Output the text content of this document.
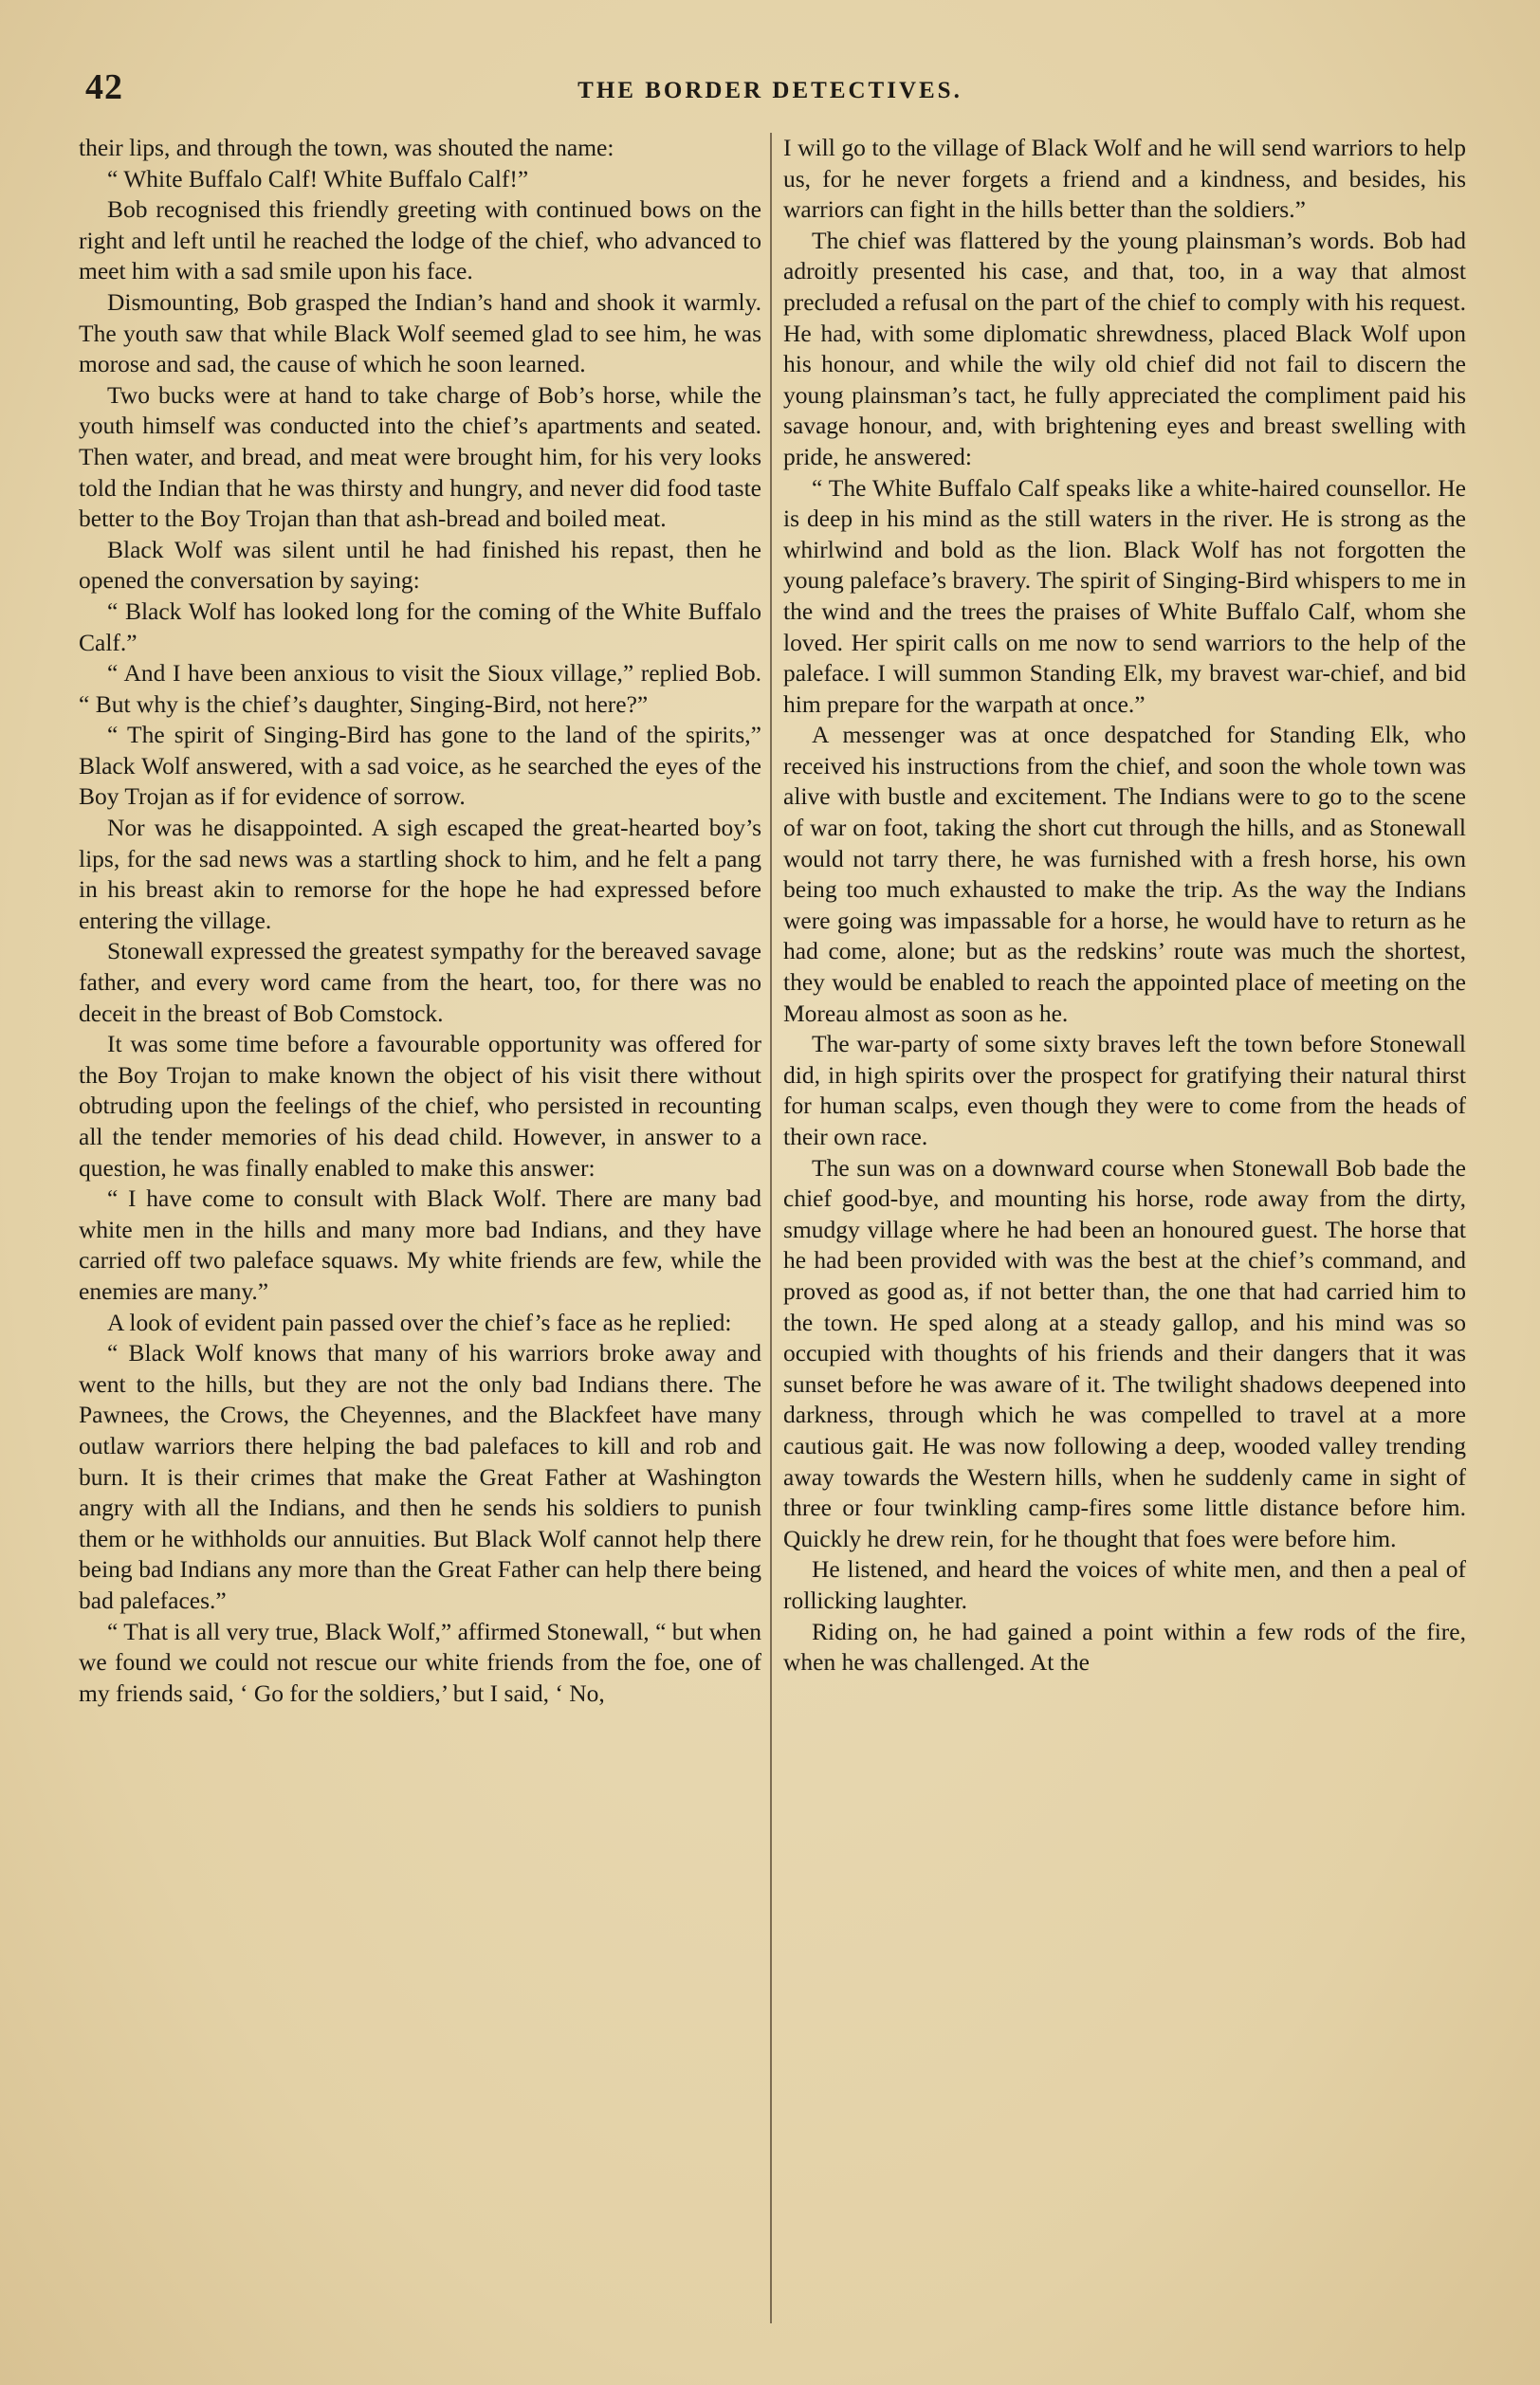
42	THE BORDER DETECTIVES.

their lips, and through the town, was shouted the name:

“ White Buffalo Calf! White Buffalo Calf!”

Bob recognised this friendly greeting with continued bows on the right and left until he reached the lodge of the chief, who advanced to meet him with a sad smile upon his face.

Dismounting, Bob grasped the Indian’s hand and shook it warmly. The youth saw that while Black Wolf seemed glad to see him, he was morose and sad, the cause of which he soon learned.

Two bucks were at hand to take charge of Bob’s horse, while the youth himself was conducted into the chief’s apartments and seated. Then water, and bread, and meat were brought him, for his very looks told the Indian that he was thirsty and hungry, and never did food taste better to the Boy Trojan than that ash-bread and boiled meat.

Black Wolf was silent until he had finished his repast, then he opened the conversation by saying:

“ Black Wolf has looked long for the coming of the White Buffalo Calf.”

“ And I have been anxious to visit the Sioux village,” replied Bob. “ But why is the chief’s daughter, Singing-Bird, not here?”

“ The spirit of Singing-Bird has gone to the land of the spirits,” Black Wolf answered, with a sad voice, as he searched the eyes of the Boy Trojan as if for evidence of sorrow.

Nor was he disappointed. A sigh escaped the great-hearted boy’s lips, for the sad news was a startling shock to him, and he felt a pang in his breast akin to remorse for the hope he had expressed before entering the village.

Stonewall expressed the greatest sympathy for the bereaved savage father, and every word came from the heart, too, for there was no deceit in the breast of Bob Comstock.

It was some time before a favourable opportunity was offered for the Boy Trojan to make known the object of his visit there without obtruding upon the feelings of the chief, who persisted in recounting all the tender memories of his dead child. However, in answer to a question, he was finally enabled to make this answer:

“ I have come to consult with Black Wolf. There are many bad white men in the hills and many more bad Indians, and they have carried off two paleface squaws. My white friends are few, while the enemies are many.”

A look of evident pain passed over the chief’s face as he replied:

“ Black Wolf knows that many of his warriors broke away and went to the hills, but they are not the only bad Indians there. The Pawnees, the Crows, the Cheyennes, and the Blackfeet have many outlaw warriors there helping the bad palefaces to kill and rob and burn. It is their crimes that make the Great Father at Washington angry with all the Indians, and then he sends his soldiers to punish them or he withholds our annuities. But Black Wolf cannot help there being bad Indians any more than the Great Father can help there being bad palefaces.”

“ That is all very true, Black Wolf,” affirmed Stonewall, “ but when we found we could not rescue our white friends from the foe, one of my friends said, ‘ Go for the soldiers,’ but I said, ‘ No,

I will go to the village of Black Wolf and he will send warriors to help us, for he never forgets a friend and a kindness, and besides, his warriors can fight in the hills better than the soldiers.”

The chief was flattered by the young plainsman’s words. Bob had adroitly presented his case, and that, too, in a way that almost precluded a refusal on the part of the chief to comply with his request. He had, with some diplomatic shrewdness, placed Black Wolf upon his honour, and while the wily old chief did not fail to discern the young plainsman’s tact, he fully appreciated the compliment paid his savage honour, and, with brightening eyes and breast swelling with pride, he answered:

“ The White Buffalo Calf speaks like a white-haired counsellor. He is deep in his mind as the still waters in the river. He is strong as the whirlwind and bold as the lion. Black Wolf has not forgotten the young paleface’s bravery. The spirit of Singing-Bird whispers to me in the wind and the trees the praises of White Buffalo Calf, whom she loved. Her spirit calls on me now to send warriors to the help of the paleface. I will summon Standing Elk, my bravest war-chief, and bid him prepare for the warpath at once.”

A messenger was at once despatched for Standing Elk, who received his instructions from the chief, and soon the whole town was alive with bustle and excitement. The Indians were to go to the scene of war on foot, taking the short cut through the hills, and as Stonewall would not tarry there, he was furnished with a fresh horse, his own being too much exhausted to make the trip. As the way the Indians were going was impassable for a horse, he would have to return as he had come, alone; but as the redskins’ route was much the shortest, they would be enabled to reach the appointed place of meeting on the Moreau almost as soon as he.

The war-party of some sixty braves left the town before Stonewall did, in high spirits over the prospect for gratifying their natural thirst for human scalps, even though they were to come from the heads of their own race.

The sun was on a downward course when Stonewall Bob bade the chief good-bye, and mounting his horse, rode away from the dirty, smudgy village where he had been an honoured guest. The horse that he had been provided with was the best at the chief’s command, and proved as good as, if not better than, the one that had carried him to the town. He sped along at a steady gallop, and his mind was so occupied with thoughts of his friends and their dangers that it was sunset before he was aware of it. The twilight shadows deepened into darkness, through which he was compelled to travel at a more cautious gait. He was now following a deep, wooded valley trending away towards the Western hills, when he suddenly came in sight of three or four twinkling camp-fires some little distance before him. Quickly he drew rein, for he thought that foes were before him.

He listened, and heard the voices of white men, and then a peal of rollicking laughter.

Riding on, he had gained a point within a few rods of the fire, when he was challenged. At the
